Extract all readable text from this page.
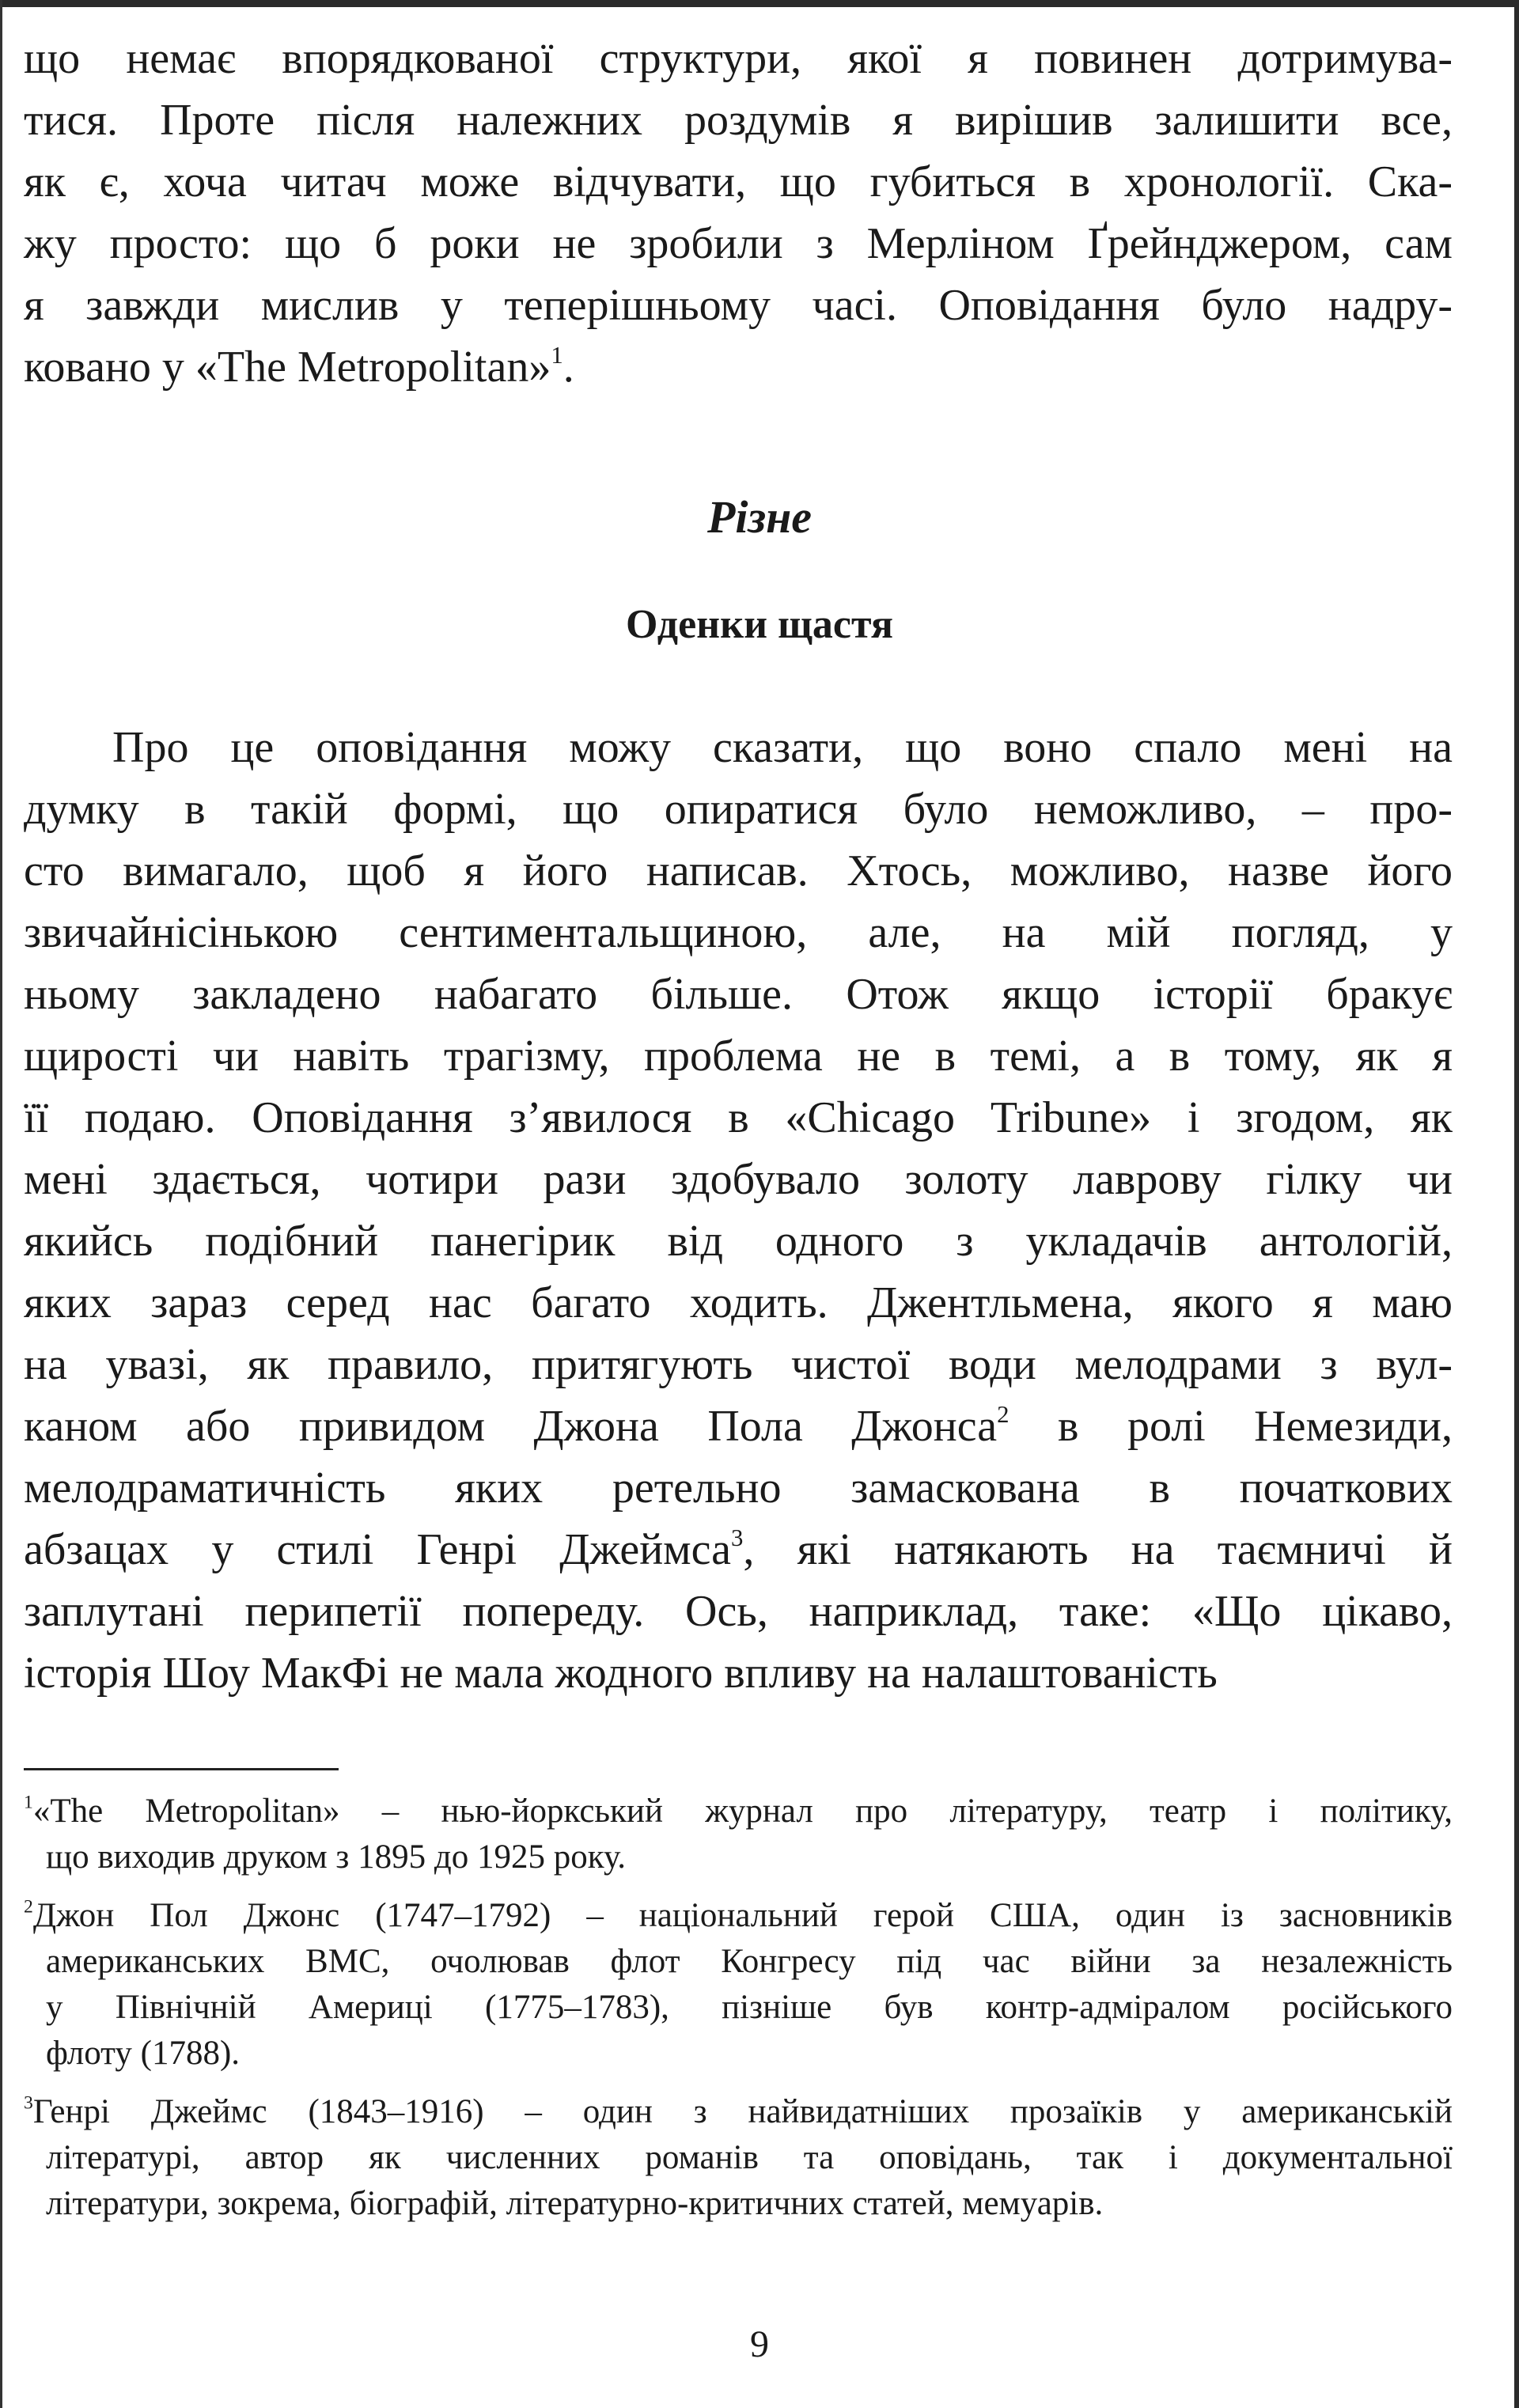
що немає впорядкованої структури, якої я повинен дотримува-
тися. Проте після належних роздумів я вирішив залишити все,
як є, хоча читач може відчувати, що губиться в хронології. Ска-
жу просто: що б роки не зробили з Мерліном Ґрейнджером, сам
я завжди мислив у теперішньому часі. Оповідання було надру-
ковано у «The Metropolitan»$^1$.
Різне
Оденки щастя
Про це оповідання можу сказати, що воно спало мені на
думку в такій формі, що опиратися було неможливо, – про-
сто вимагало, щоб я його написав. Хтось, можливо, назве його
звичайнісінькою сентиментальщиною, але, на мій погляд, у
ньому закладено набагато більше. Отож якщо історії бракує
щирості чи навіть трагізму, проблема не в темі, а в тому, як я
її подаю. Оповідання з’явилося в «Chicago Tribune» і згодом, як
мені здається, чотири рази здобувало золоту лаврову гілку чи
якийсь подібний панегірик від одного з укладачів антологій,
яких зараз серед нас багато ходить. Джентльмена, якого я маю
на увазі, як правило, притягують чистої води мелодрами з вул-
каном або привидом Джона Пола Джонса$^2$ в ролі Немезиди,
мелодраматичність яких ретельно замаскована в початкових
абзацах у стилі Генрі Джеймса$^3$, які натякають на таємничі й
заплутані перипетії попереду. Ось, наприклад, таке: «Що цікаво,
історія Шоу МакФі не мала жодного впливу на налаштованість
$^1$«The Metropolitan» – нью-йоркський журнал про літературу, театр і політику,
що виходив друком з 1895 до 1925 року.
$^2$Джон Пол Джонс (1747–1792) – національний герой США, один із засновників
американських ВМС, очолював флот Конгресу під час війни за незалежність
у Північній Америці (1775–1783), пізніше був контр-адміралом російського
флоту (1788).
$^3$Генрі Джеймс (1843–1916) – один з найвидатніших прозаїків у американській
літературі, автор як численних романів та оповідань, так і документальної
літератури, зокрема, біографій, літературно-критичних статей, мемуарів.
9
